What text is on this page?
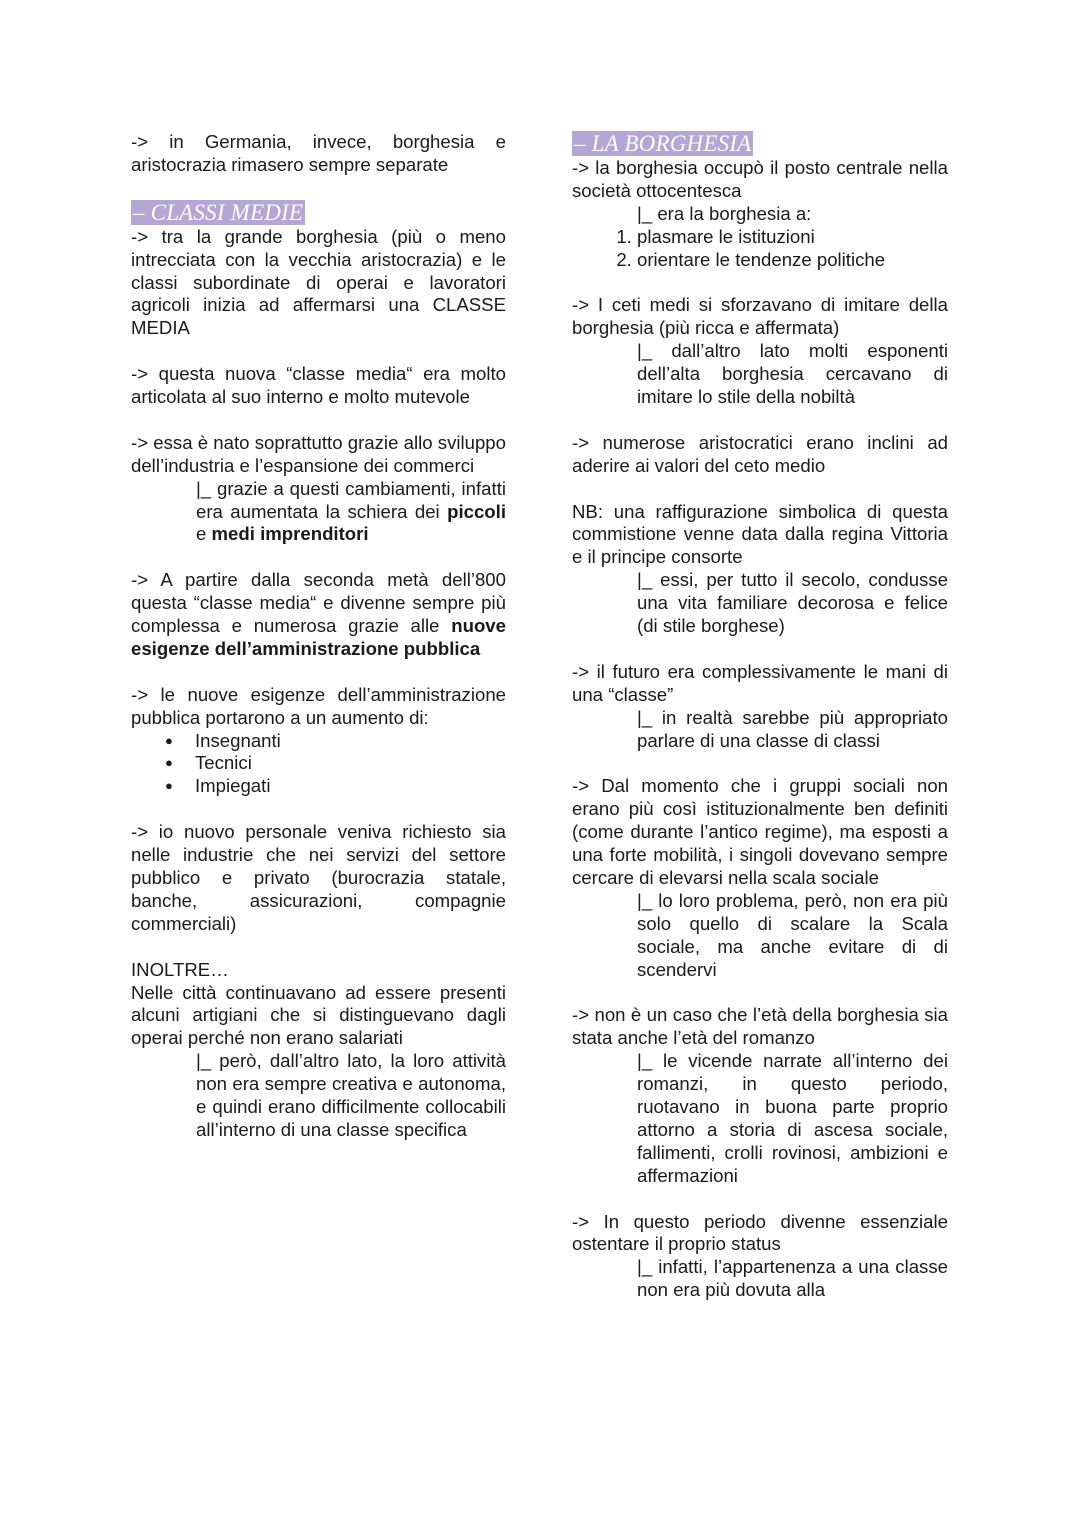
-> in Germania, invece, borghesia e aristocrazia rimasero sempre separate

– CLASSI MEDIE

-> tra la grande borghesia (più o meno intrecciata con la vecchia aristocrazia) e le classi subordinate di operai e lavoratori agricoli inizia ad affermarsi una CLASSE MEDIA

-> questa nuova “classe media“ era molto articolata al suo interno e molto mutevole

-> essa è nato soprattutto grazie allo sviluppo dell’industria e l’espansione dei commerci

|_ grazie a questi cambiamenti, infatti era aumentata la schiera dei piccoli e medi imprenditori

-> A partire dalla seconda metà dell’800 questa “classe media“ e divenne sempre più complessa e numerosa grazie alle nuove esigenze dell’amministrazione pubblica

-> le nuove esigenze dell’amministrazione pubblica portarono a un aumento di:

● Insegnanti
● Tecnici
● Impiegati

-> io nuovo personale veniva richiesto sia nelle industrie che nei servizi del settore pubblico e privato (burocrazia statale, banche, assicurazioni, compagnie commerciali)

INOLTRE…

Nelle città continuavano ad essere presenti alcuni artigiani che si distinguevano dagli operai perché non erano salariati

|_ però, dall’altro lato, la loro attività non era sempre creativa e autonoma, e quindi erano difficilmente collocabili all’interno di una classe specifica

– LA BORGHESIA

-> la borghesia occupò il posto centrale nella società ottocentesca

|_ era la borghesia a:

1. plasmare le istituzioni
2. orientare le tendenze politiche

-> I ceti medi si sforzavano di imitare della borghesia (più ricca e affermata)

|_ dall’altro lato molti esponenti dell’alta borghesia cercavano di imitare lo stile della nobiltà

-> numerose aristocratici erano inclini ad aderire ai valori del ceto medio

NB: una raffigurazione simbolica di questa commistione venne data dalla regina Vittoria e il principe consorte

|_ essi, per tutto il secolo, condusse una vita familiare decorosa e felice (di stile borghese)

-> il futuro era complessivamente le mani di una “classe”

|_ in realtà sarebbe più appropriato parlare di una classe di classi

-> Dal momento che i gruppi sociali non erano più così istituzionalmente ben definiti (come durante l’antico regime), ma esposti a una forte mobilità, i singoli dovevano sempre cercare di elevarsi nella scala sociale

|_ lo loro problema, però, non era più solo quello di scalare la Scala sociale, ma anche evitare di di scendervi

-> non è un caso che l’età della borghesia sia stata anche l’età del romanzo

|_ le vicende narrate all’interno dei romanzi, in questo periodo, ruotavano in buona parte proprio attorno a storia di ascesa sociale, fallimenti, crolli rovinosi, ambizioni e affermazioni

-> In questo periodo divenne essenziale ostentare il proprio status

|_ infatti, l’appartenenza a una classe non era più dovuta alla
